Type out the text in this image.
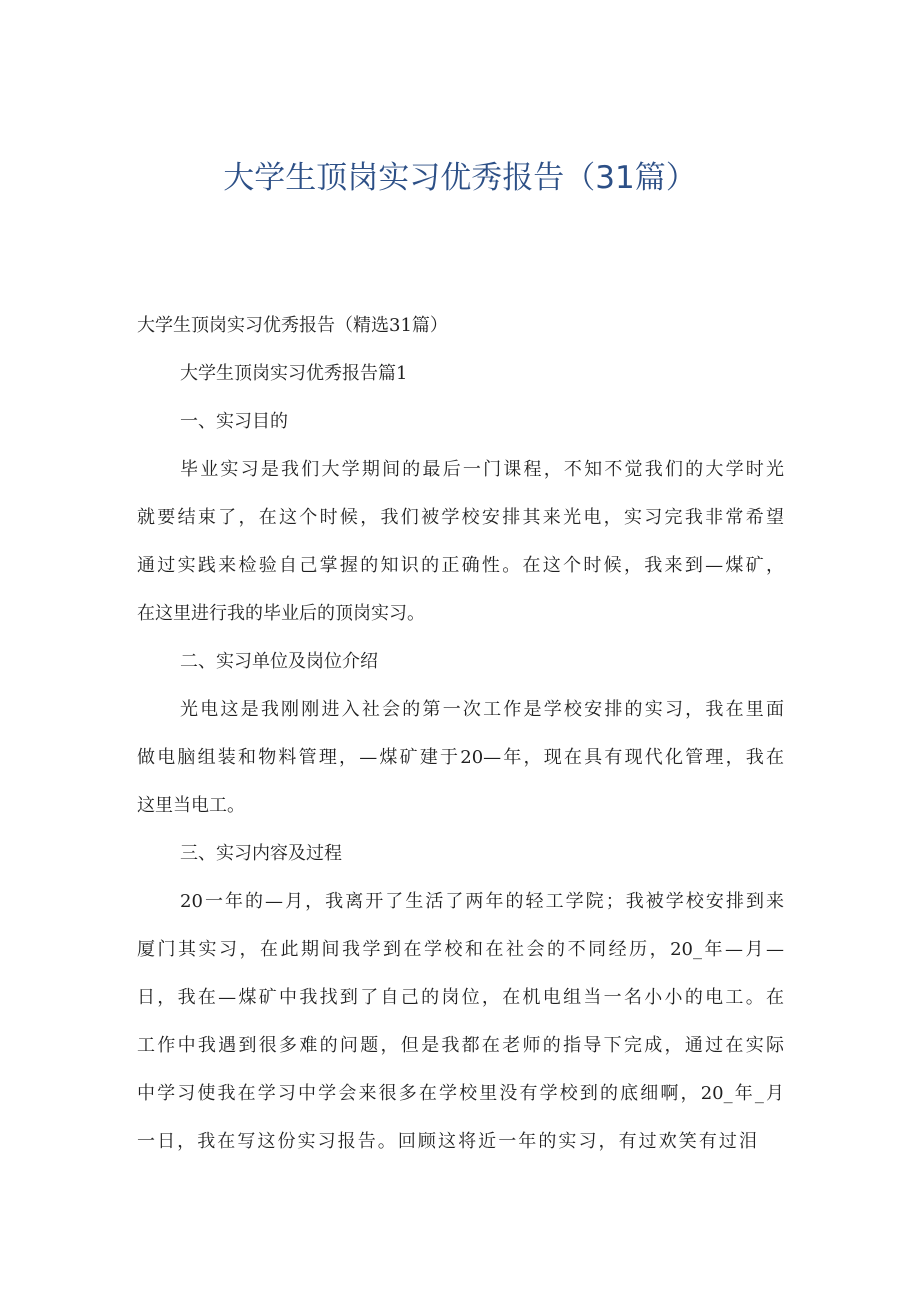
大学生顶岗实习优秀报告（31篇）
大学生顶岗实习优秀报告（精选31篇）
大学生顶岗实习优秀报告篇1
一、实习目的
毕业实习是我们大学期间的最后一门课程，不知不觉我们的大学时光
就要结束了，在这个时候，我们被学校安排其来光电，实习完我非常希望
通过实践来检验自己掌握的知识的正确性。在这个时候，我来到—煤矿，
在这里进行我的毕业后的顶岗实习。
二、实习单位及岗位介绍
光电这是我刚刚进入社会的第一次工作是学校安排的实习，我在里面
做电脑组装和物料管理，—煤矿建于20—年，现在具有现代化管理，我在
这里当电工。
三、实习内容及过程
20一年的—月，我离开了生活了两年的轻工学院；我被学校安排到来
厦门其实习，在此期间我学到在学校和在社会的不同经历，20_年—月—
日，我在—煤矿中我找到了自己的岗位，在机电组当一名小小的电工。在
工作中我遇到很多难的问题，但是我都在老师的指导下完成，通过在实际
中学习使我在学习中学会来很多在学校里没有学校到的底细啊，20_年_月
一日，我在写这份实习报告。回顾这将近一年的实习，有过欢笑有过泪
